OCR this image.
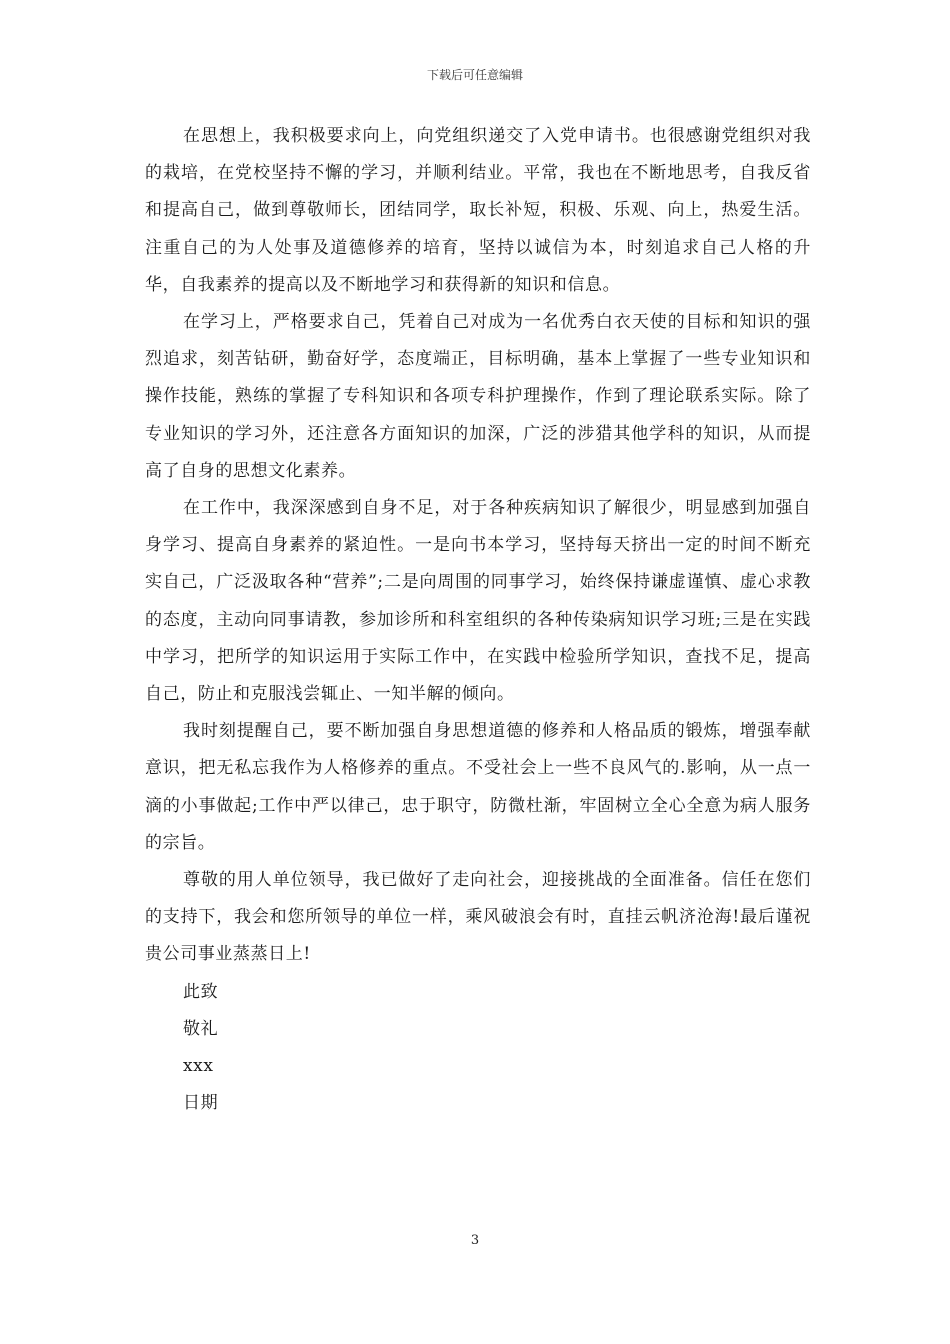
下载后可任意编辑

在思想上，我积极要求向上，向党组织递交了入党申请书。也很感谢党组织对我的栽培，在党校坚持不懈的学习，并顺利结业。平常，我也在不断地思考，自我反省和提高自己，做到尊敬师长，团结同学，取长补短，积极、乐观、向上，热爱生活。注重自己的为人处事及道德修养的培育，坚持以诚信为本，时刻追求自己人格的升华，自我素养的提高以及不断地学习和获得新的知识和信息。

在学习上，严格要求自己，凭着自己对成为一名优秀白衣天使的目标和知识的强烈追求，刻苦钻研，勤奋好学，态度端正，目标明确，基本上掌握了一些专业知识和操作技能，熟练的掌握了专科知识和各项专科护理操作，作到了理论联系实际。除了专业知识的学习外，还注意各方面知识的加深，广泛的涉猎其他学科的知识，从而提高了自身的思想文化素养。

在工作中，我深深感到自身不足，对于各种疾病知识了解很少，明显感到加强自身学习、提高自身素养的紧迫性。一是向书本学习，坚持每天挤出一定的时间不断充实自己，广泛汲取各种“营养”;二是向周围的同事学习，始终保持谦虚谨慎、虚心求教的态度，主动向同事请教，参加诊所和科室组织的各种传染病知识学习班;三是在实践中学习，把所学的知识运用于实际工作中，在实践中检验所学知识，查找不足，提高自己，防止和克服浅尝辄止、一知半解的倾向。

我时刻提醒自己，要不断加强自身思想道德的修养和人格品质的锻炼，增强奉献意识，把无私忘我作为人格修养的重点。不受社会上一些不良风气的.影响，从一点一滴的小事做起;工作中严以律己，忠于职守，防微杜渐，牢固树立全心全意为病人服务的宗旨。

尊敬的用人单位领导，我已做好了走向社会，迎接挑战的全面准备。信任在您们的支持下，我会和您所领导的单位一样，乘风破浪会有时，直挂云帆济沧海!最后谨祝贵公司事业蒸蒸日上!

此致

敬礼

xxx

日期

3
